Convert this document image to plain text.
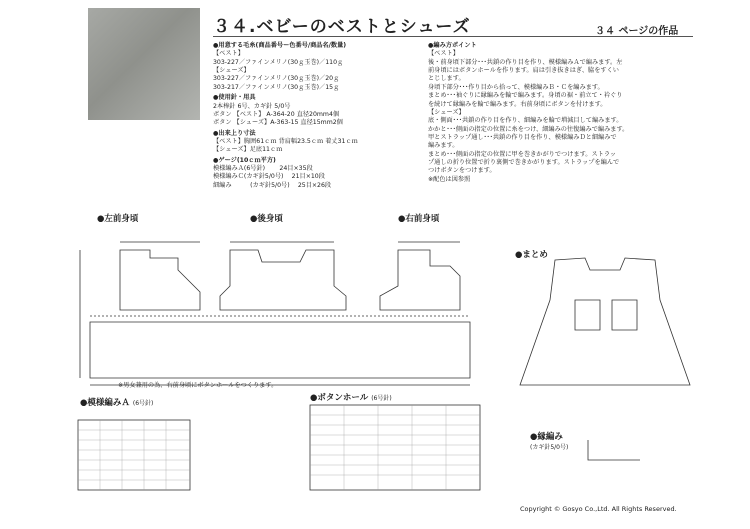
３４.ベビーのベストとシューズ	３４ ページの作品
●用意する毛糸(商品番号ー色番号/商品名/数量)
【ベスト】
303-227／ファインメリノ(30ｇ玉巻)／110ｇ
【シューズ】
303-227／ファインメリノ(30ｇ玉巻)／20ｇ
303-217／ファインメリノ(30ｇ玉巻)／15ｇ
●使用針・用具
2本棒針 6号、カギ針 5/0号
ボタン 【ベスト】 A-364-20 直径20mm4個
ボタン 【シューズ】A-363-15 直径15mm2個
●出来上り寸法
【ベスト】胸囲61ｃｍ 背肩幅23.5ｃｍ 着丈31ｃｍ
【シューズ】足底11ｃｍ
●ゲージ(10ｃｍ平方)
模様編みＡ(6号針)　　 24目×35段
模様編みＣ(カギ針5/0号)　 21目×10段
細編み　　　(カギ針5/0号)　 25目×26段
●編み方ポイント
【ベスト】
後・前身頃下部分･･･共鎖の作り目を作り、模様編みＡで編みます。左
前身頃にはボタンホールを作ります。肩は引き抜きはぎ、脇をすくい
とじします。
身頃下部分･･･作り目から拾って、模様編みＢ・Ｃを編みます。
まとめ･･･袖ぐりに縁編みを輪で編みます。身頃の裾・前立て・衿ぐり
を続けて縁編みを輪で編みます。右前身頃にボタンを付けます。
【シューズ】
底・側面･･･共鎖の作り目を作り、細編みを輪で増減目して編みます。
かかと･･･側面の指定の位置に糸をつけ、細編みの往復編みで編みます。
甲とストラップ通し･･･共鎖の作り目を作り、模様編みＤと細編みで
編みます。
まとめ･･･側面の指定の位置に甲を巻きかがりでつけます。ストラッ
プ通しの折り位置で折り裏側で巻きかがります。ストラップを編んで
つけボタンをつけます。
※配色は図参照
●左前身頃	●後身頃	●右前身頃
●まとめ
※男女兼用の為、右前身頃にボタンホールをつくります。
●模様編みＡ (6号針)
●ボタンホール (6号針)
●縁編み
(カギ針5/0号)
Copyright © Gosyo Co.,Ltd. All Rights Reserved.
